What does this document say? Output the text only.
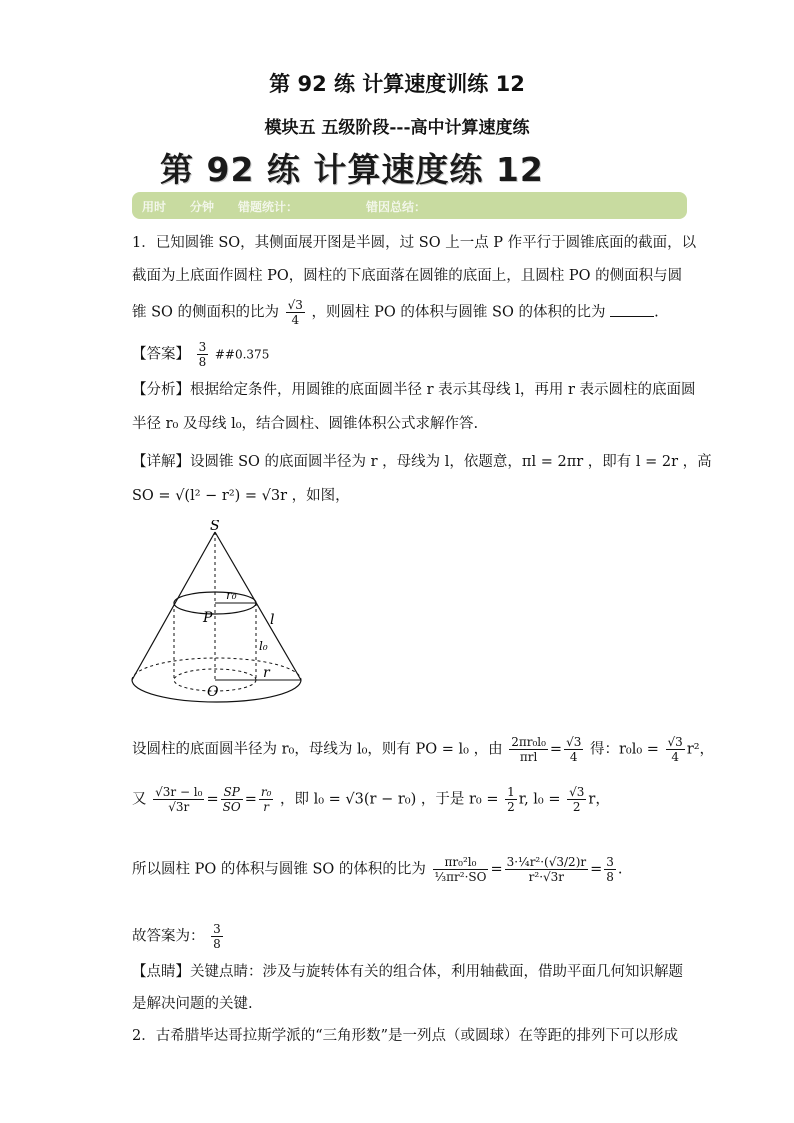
第 92 练 计算速度训练 12
模块五 五级阶段---高中计算速度练
第 92 练 计算速度练 12
用时 分钟 错题统计：	错因总结：
1．已知圆锥 SO，其侧面展开图是半圆，过 SO 上一点 P 作平行于圆锥底面的截面，以
截面为上底面作圆柱 PO，圆柱的下底面落在圆锥的底面上，且圆柱 PO 的侧面积与圆
锥 SO 的侧面积的比为 $\frac{√3}{4}$ ，则圆柱 PO 的体积与圆锥 SO 的体积的比为	.
【答案】 $\frac{3}{8}$ ##0.375
【分析】根据给定条件，用圆锥的底面圆半径 r 表示其母线 l，再用 r 表示圆柱的底面圆
半径 r₀ 及母线 l₀，结合圆柱、圆锥体积公式求解作答.
【详解】设圆锥 SO 的底面圆半径为 r ，母线为 l，依题意，πl = 2πr ，即有 l = 2r ，高
SO = √(l² − r²) = √3r ，如图，
S
P
r₀
l
l₀
r
O
设圆柱的底面圆半径为 r₀，母线为 l₀，则有 PO = l₀ ，由 $\frac{\text{2πr₀l₀}}{\text{πrl}} = \frac{√3}{4}$ 得：$r_0l_0 = \frac{√3}{4} r^2$，
又 $\frac{\text{√3r − l₀}}{√3r} = \frac{SP}{SO} = \frac{\text{r₀}}{r}$ ，即 l₀ = √3(r − r₀) ，于是 $r_0 = \frac{1}{2} r$, $l_0 = \frac{√3}{2}$ r，
所以圆柱 PO 的体积与圆锥 SO 的体积的比为 $\frac{\text{πr₀²l₀}}{\text{⅓πr²·SO}} = \frac{\text{3·¼r²·(√3/2)r}}{\text{r²·√3r}} = \frac{3}{8}$ .
故答案为： $\frac{3}{8}$
【点睛】关键点睛：涉及与旋转体有关的组合体，利用轴截面，借助平面几何知识解题
是解决问题的关键.
2．古希腊毕达哥拉斯学派的“三角形数”是一列点（或圆球）在等距的排列下可以形成
